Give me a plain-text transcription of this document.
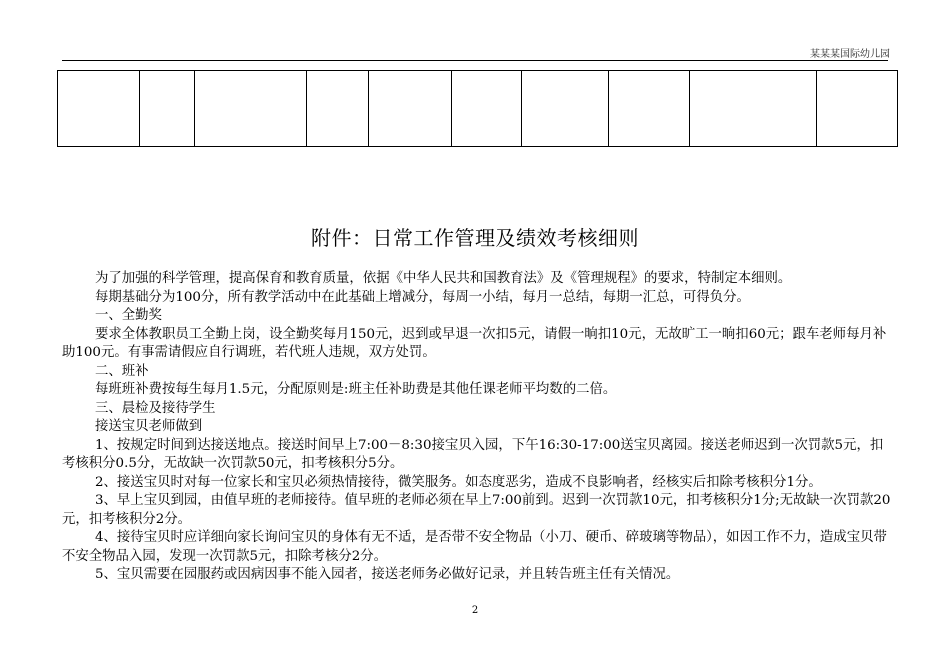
某某某国际幼儿园

附件：日常工作管理及绩效考核细则

为了加强的科学管理，提高保育和教育质量，依据《中华人民共和国教育法》及《管理规程》的要求，特制定本细则。

每期基础分为100分，所有教学活动中在此基础上增减分，每周一小结，每月一总结，每期一汇总，可得负分。

一、全勤奖

要求全体教职员工全勤上岗，设全勤奖每月150元，迟到或早退一次扣5元，请假一晌扣10元，无故旷工一晌扣60元；跟车老师每月补助100元。有事需请假应自行调班，若代班人违规，双方处罚。

二、班补

每班班补费按每生每月1.5元，分配原则是:班主任补助费是其他任课老师平均数的二倍。

三、晨检及接待学生

接送宝贝老师做到

1、按规定时间到达接送地点。接送时间早上7:00－8:30接宝贝入园，下午16:30-17:00送宝贝离园。接送老师迟到一次罚款5元，扣考核积分0.5分，无故缺一次罚款50元，扣考核积分5分。

2、接送宝贝时对每一位家长和宝贝必须热情接待，微笑服务。如态度恶劣，造成不良影响者，经核实后扣除考核积分1分。

3、早上宝贝到园，由值早班的老师接待。值早班的老师必须在早上7:00前到。迟到一次罚款10元，扣考核积分1分;无故缺一次罚款20元，扣考核积分2分。

4、接待宝贝时应详细向家长询问宝贝的身体有无不适，是否带不安全物品（小刀、硬币、碎玻璃等物品），如因工作不力，造成宝贝带不安全物品入园，发现一次罚款5元，扣除考核分2分。

5、宝贝需要在园服药或因病因事不能入园者，接送老师务必做好记录，并且转告班主任有关情况。

2
